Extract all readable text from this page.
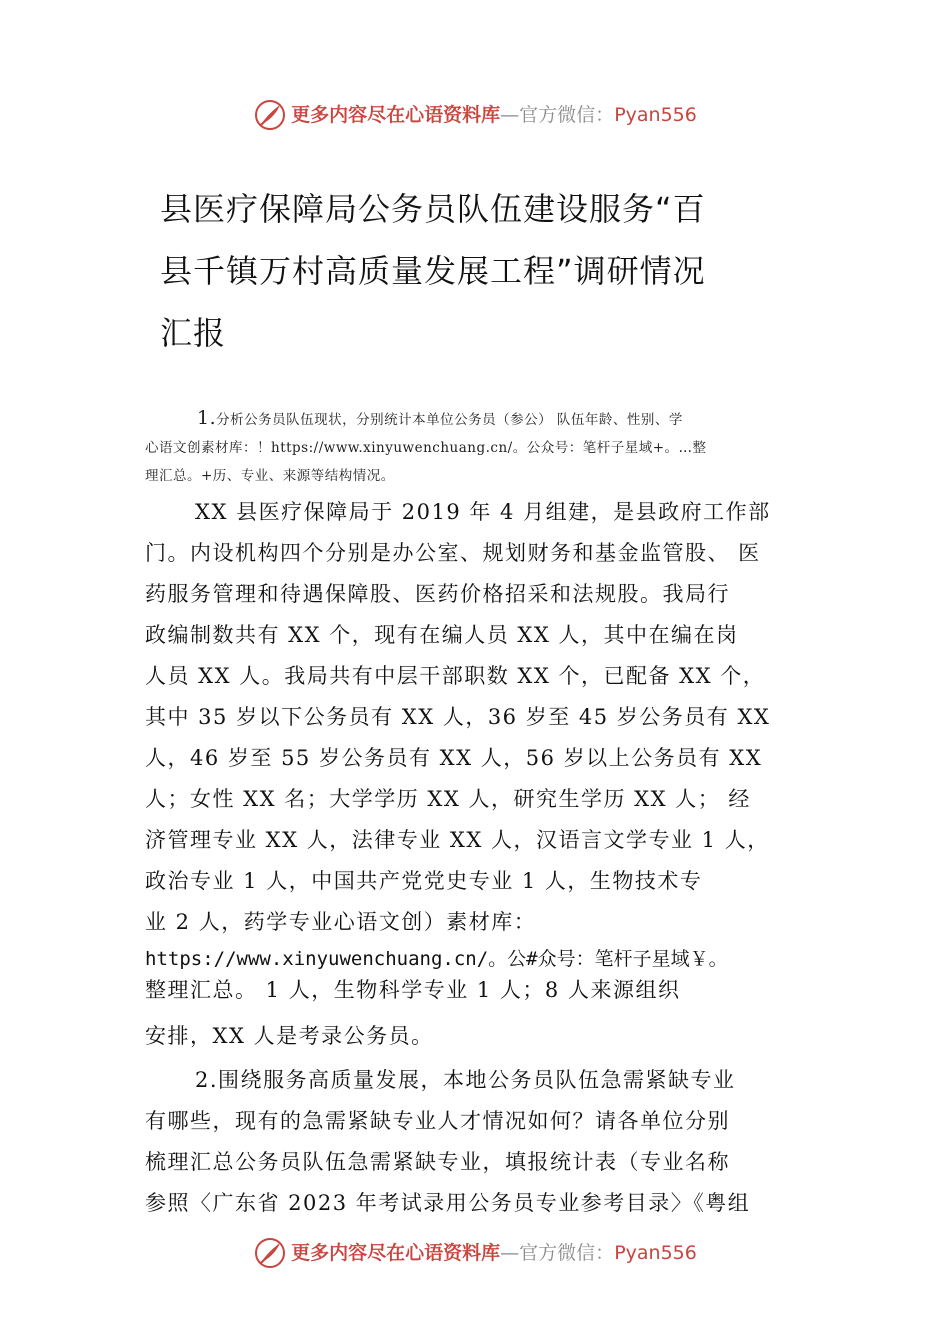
更多内容尽在心语资料库—官方微信：Pyan556
县医疗保障局公务员队伍建设服务“百
县千镇万村高质量发展工程”调研情况
汇报
1.分析公务员队伍现状，分别统计本单位公务员（参公） 队伍年龄、性别、学
心语文创素材库：！https://www.xinyuwenchuang.cn/。公众号：笔杆子星域+。…整
理汇总。+历、专业、来源等结构情况。

XX 县医疗保障局于 2019 年 4 月组建，是县政府工作部

门。内设机构四个分别是办公室、规划财务和基金监管股、 医

药服务管理和待遇保障股、医药价格招采和法规股。我局行

政编制数共有 XX 个，现有在编人员 XX 人，其中在编在岗

人员 XX 人。我局共有中层干部职数 XX 个，已配备 XX 个，

其中 35 岁以下公务员有 XX 人，36 岁至 45 岁公务员有 XX

人，46 岁至 55 岁公务员有 XX 人，56 岁以上公务员有 XX

人；女性 XX 名；大学学历 XX 人，研究生学历 XX 人； 经

济管理专业 XX 人，法律专业 XX 人，汉语言文学专业 1 人，

政治专业 1 人，中国共产党党史专业 1 人，生物技术专

业 2 人，药学专业心语文创）素材库：

https://www.xinyuwenchuang.cn/。公#众号：笔杆子星域￥。

整理汇总。 1 人，生物科学专业 1 人；8 人来源组织

安排，XX 人是考录公务员。

2.围绕服务高质量发展，本地公务员队伍急需紧缺专业

有哪些，现有的急需紧缺专业人才情况如何？请各单位分别

梳理汇总公务员队伍急需紧缺专业，填报统计表（专业名称

参照〈广东省 2023 年考试录用公务员专业参考目录〉《粤组

更多内容尽在心语资料库—官方微信：Pyan556
